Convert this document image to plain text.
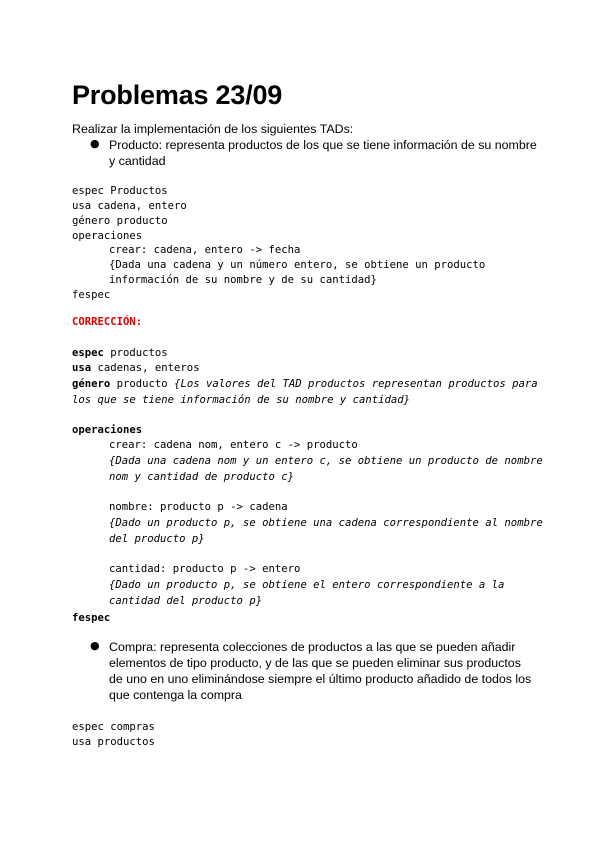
Problemas 23/09
Realizar la implementación de los siguientes TADs:
● Producto: representa productos de los que se tiene información de su nombre
y cantidad
espec Productos
usa cadena, entero
género producto
operaciones
crear: cadena, entero -> fecha
{Dada una cadena y un número entero, se obtiene un producto
información de su nombre y de su cantidad}
fespec
CORRECCIÓN:
espec productos
usa cadenas, enteros
género producto {Los valores del TAD productos representan productos para
los que se tiene información de su nombre y cantidad}
operaciones
crear: cadena nom, entero c -> producto
{Dada una cadena nom y un entero c, se obtiene un producto de nombre
nom y cantidad de producto c}
nombre: producto p -> cadena
{Dado un producto p, se obtiene una cadena correspondiente al nombre
del producto p}
cantidad: producto p -> entero
{Dado un producto p, se obtiene el entero correspondiente a la
cantidad del producto p}
fespec
● Compra: representa colecciones de productos a las que se pueden añadir
elementos de tipo producto, y de las que se pueden eliminar sus productos
de uno en uno eliminándose siempre el último producto añadido de todos los
que contenga la compra
espec compras
usa productos
